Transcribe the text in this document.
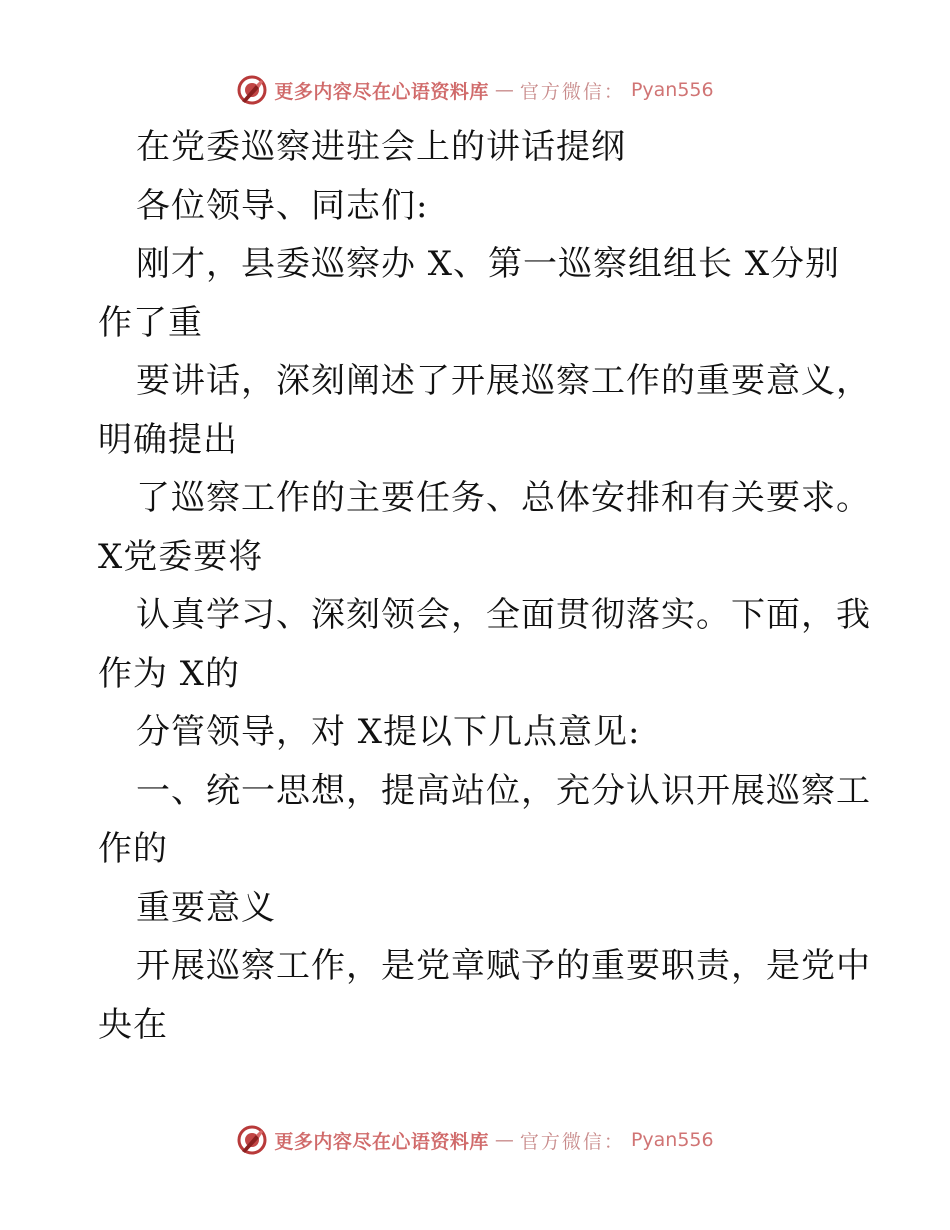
更多内容尽在心语资料库 — 官方微信： Pyan556
在党委巡察进驻会上的讲话提纲
各位领导、同志们:
刚才，县委巡察办 X、第一巡察组组长 X分别
作了重
要讲话，深刻阐述了开展巡察工作的重要意义，
明确提出
了巡察工作的主要任务、总体安排和有关要求。
X党委要将
认真学习、深刻领会，全面贯彻落实。下面，我
作为 X的
分管领导，对 X提以下几点意见:
一、统一思想，提高站位，充分认识开展巡察工
作的
重要意义
开展巡察工作，是党章赋予的重要职责，是党中
央在
更多内容尽在心语资料库 — 官方微信： Pyan556
